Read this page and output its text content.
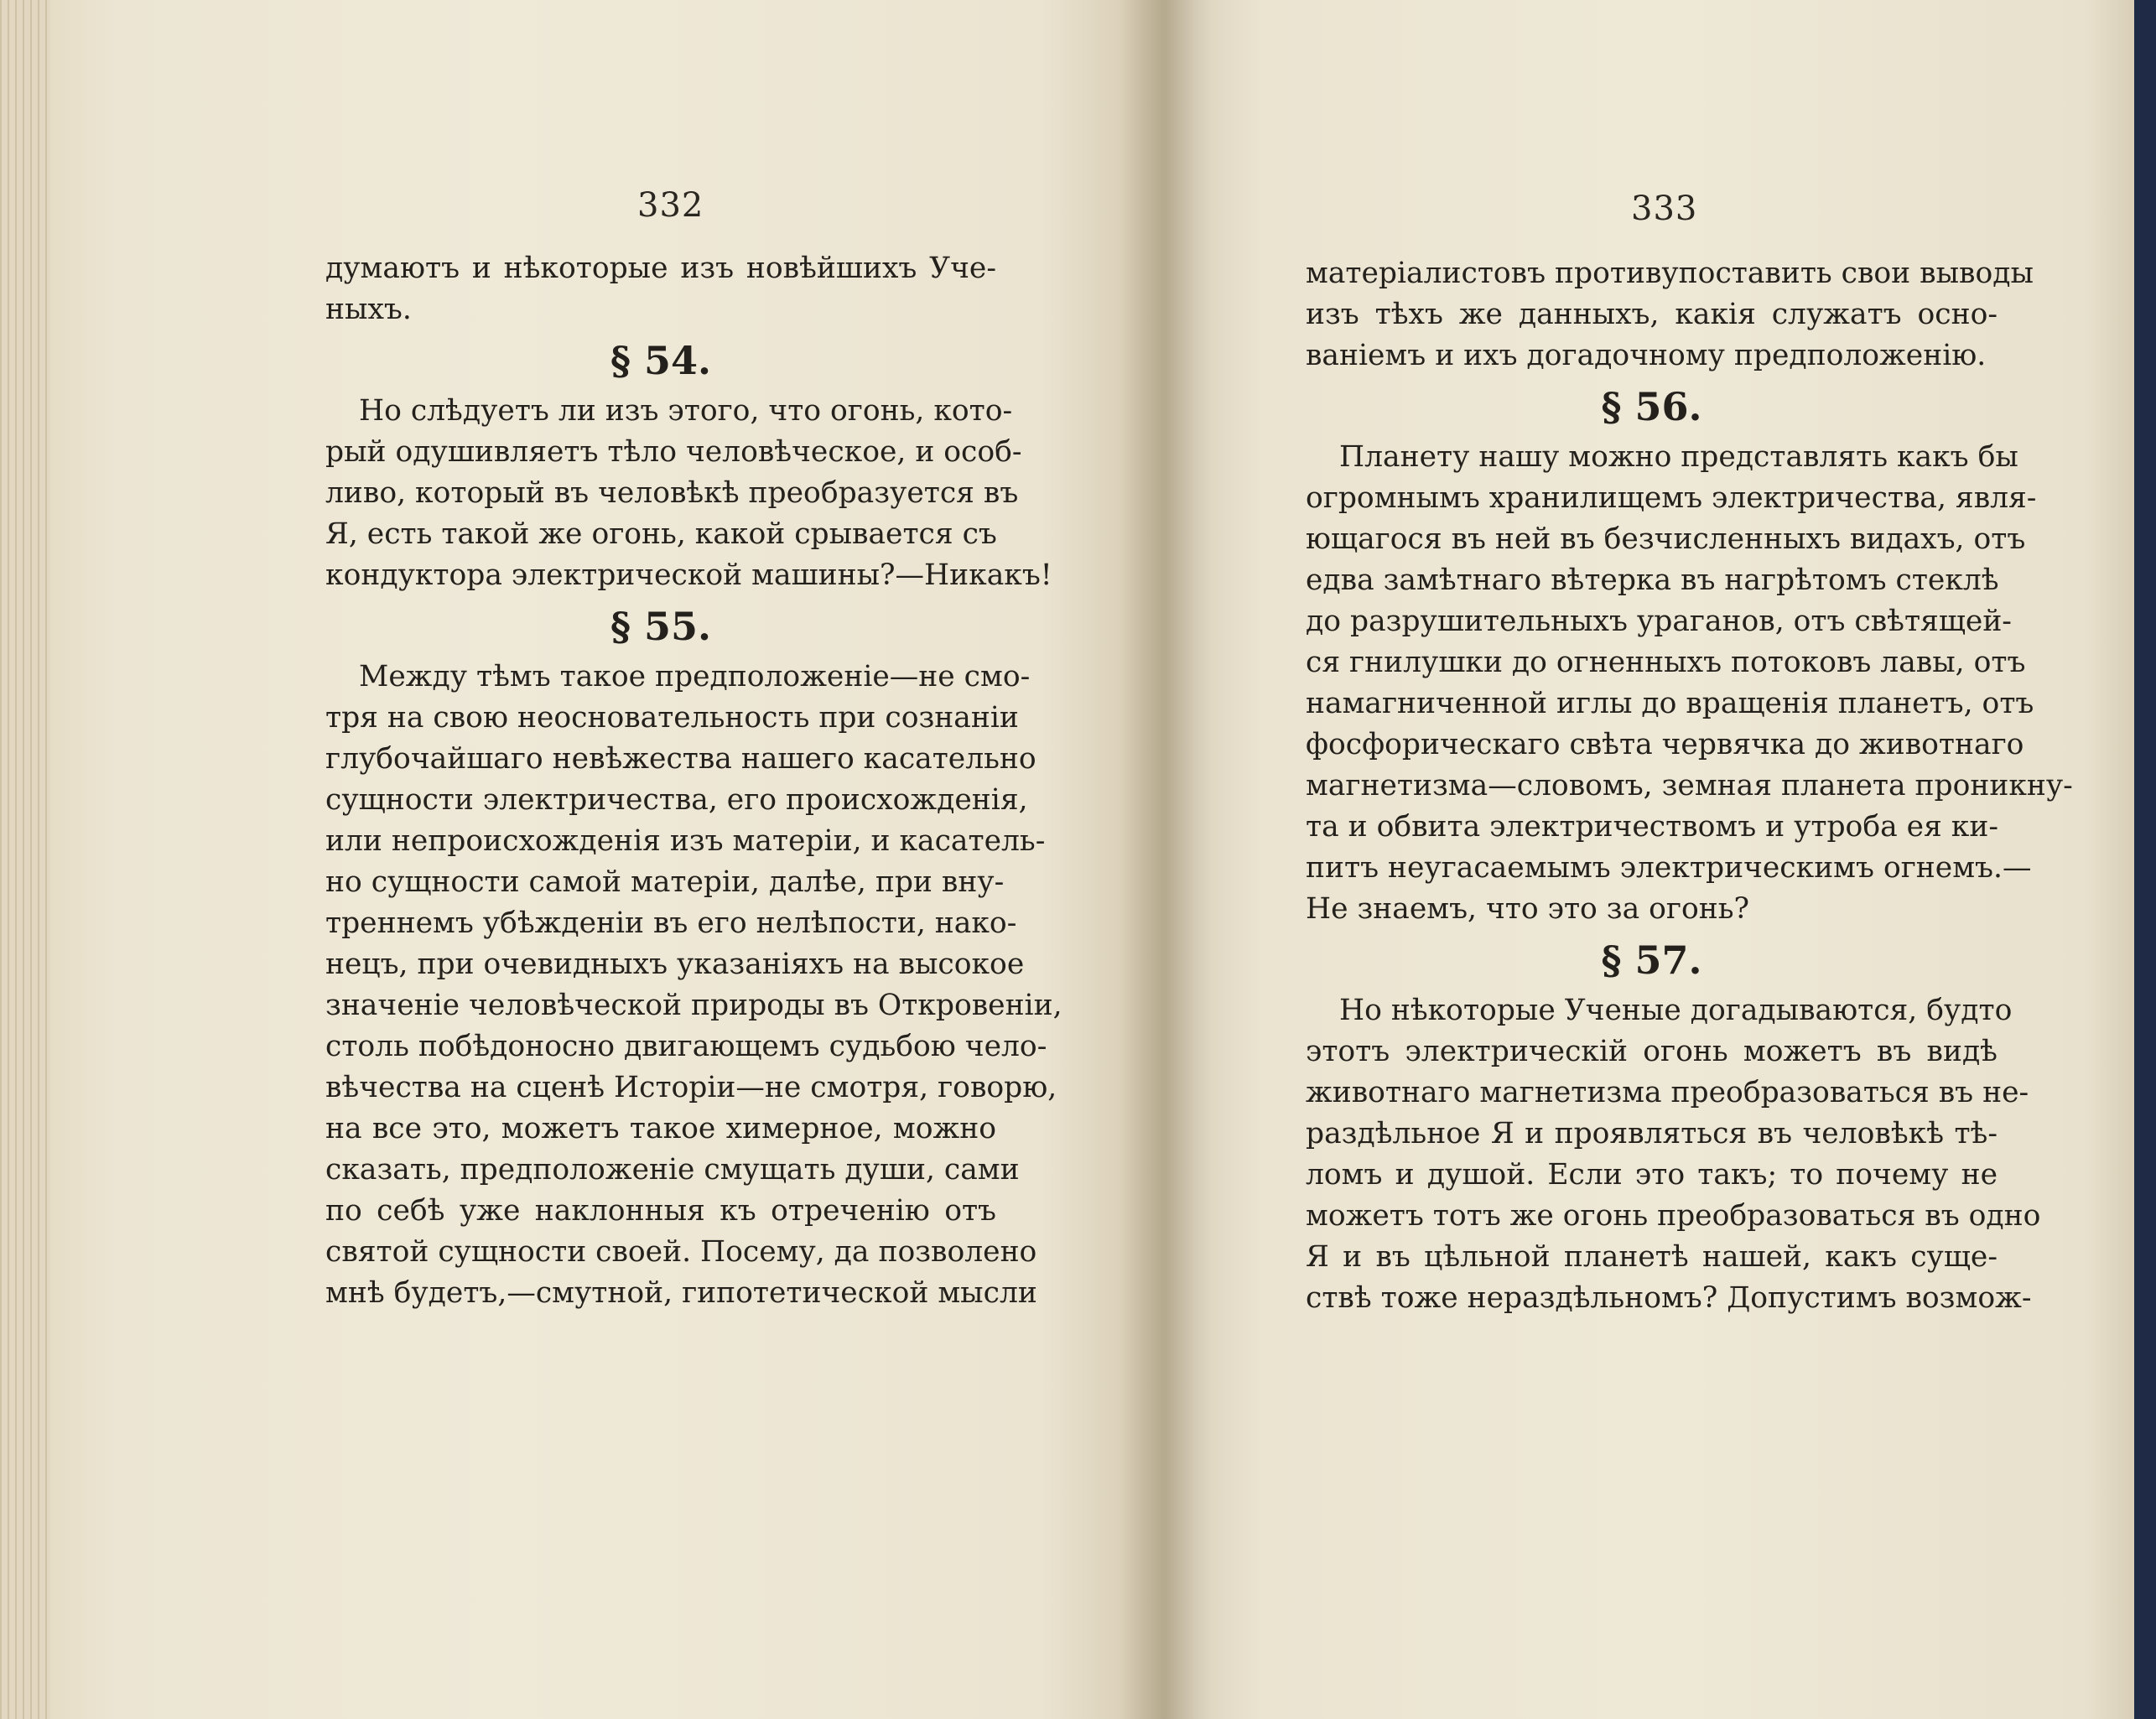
332
думаютъ и нѣкоторые изъ новѣйшихъ Уче-
ныхъ.
§ 54.
Но слѣдуетъ ли изъ этого, что огонь, кото-
рый одушивляетъ тѣло человѣческое, и особ-
ливо, который въ человѣкѣ преобразуется въ
Я, есть такой же огонь, какой срывается съ
кондуктора электрической машины?—Никакъ!
§ 55.
Между тѣмъ такое предположеніе—не смо-
тря на свою неосновательность при сознаніи
глубочайшаго невѣжества нашего касательно
сущности электричества, его происхожденія,
или непроисхожденія изъ матеріи, и касатель-
но сущности самой матеріи, далѣе, при вну-
треннемъ убѣжденіи въ его нелѣпости, нако-
нецъ, при очевидныхъ указаніяхъ на высокое
значеніе человѣческой природы въ Откровеніи,
столь побѣдоносно двигающемъ судьбою чело-
вѣчества на сценѣ Исторіи—не смотря, говорю,
на все это, можетъ такое химерное, можно
сказать, предположеніе смущать души, сами
по себѣ уже наклонныя къ отреченію отъ
святой сущности своей. Посему, да позволено
мнѣ будетъ,—смутной, гипотетической мысли
333
матеріалистовъ противупоставить свои выводы
изъ тѣхъ же данныхъ, какія служатъ осно-
ваніемъ и ихъ догадочному предположенію.
§ 56.
Планету нашу можно представлять какъ бы
огромнымъ хранилищемъ электричества, явля-
ющагося въ ней въ безчисленныхъ видахъ, отъ
едва замѣтнаго вѣтерка въ нагрѣтомъ стеклѣ
до разрушительныхъ ураганов, отъ свѣтящей-
ся гнилушки до огненныхъ потоковъ лавы, отъ
намагниченной иглы до вращенія планетъ, отъ
фосфорическаго свѣта червячка до животнаго
магнетизма—словомъ, земная планета проникну-
та и обвита электричествомъ и утроба ея ки-
питъ неугасаемымъ электрическимъ огнемъ.—
Не знаемъ, что это за огонь?
§ 57.
Но нѣкоторые Ученые догадываются, будто
этотъ электрическій огонь можетъ въ видѣ
животнаго магнетизма преобразоваться въ не-
раздѣльное Я и проявляться въ человѣкѣ тѣ-
ломъ и душой. Если это такъ; то почему не
можетъ тотъ же огонь преобразоваться въ одно
Я и въ цѣльной планетѣ нашей, какъ суще-
ствѣ тоже нераздѣльномъ? Допустимъ возмож-
